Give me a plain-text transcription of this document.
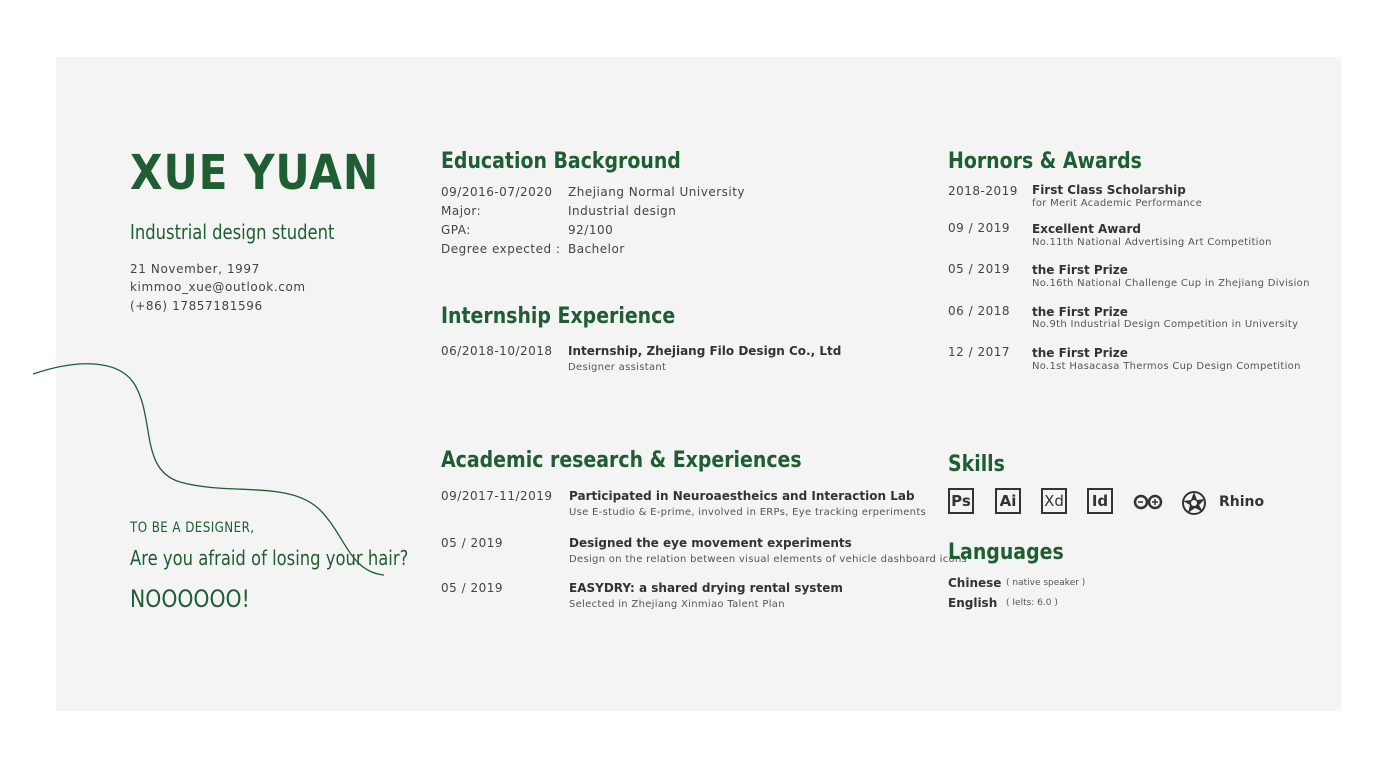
XUE YUAN
Industrial design student
21 November, 1997
kimmoo_xue@outlook.com
(+86) 17857181596
TO BE A DESIGNER,
Are you afraid of losing your hair?
NOOOOOO!
Education Background
09/2016-07/2020 Zhejiang Normal University
Major:	Industrial design
GPA:	92/100
Degree expected : Bachelor
Internship Experience
06/2018-10/2018 Internship, Zhejiang Filo Design Co., Ltd
Designer assistant
Academic research & Experiences
09/2017-11/2019 Participated in Neuroaestheics and Interaction Lab
Use E-studio & E-prime, involved in ERPs, Eye tracking erperiments
05 / 2019	Designed the eye movement experiments
Design on the relation between visual elements of vehicle dashboard icons
05 / 2019	EASYDRY: a shared drying rental system
Selected in Zhejiang Xinmiao Talent Plan
Hornors & Awards
2018-2019 First Class Scholarship
for Merit Academic Performance
09 / 2019 Excellent Award
No.11th National Advertising Art Competition
05 / 2019 the First Prize
No.16th National Challenge Cup in Zhejiang Division
06 / 2018 the First Prize
No.9th Industrial Design Competition in University
12 / 2017 the First Prize
No.1st Hasacasa Thermos Cup Design Competition
Skills
Ps	Ai	Xd	Id	Rhino
Languages
Chinese ( native speaker )
English ( Ielts: 6.0 )
